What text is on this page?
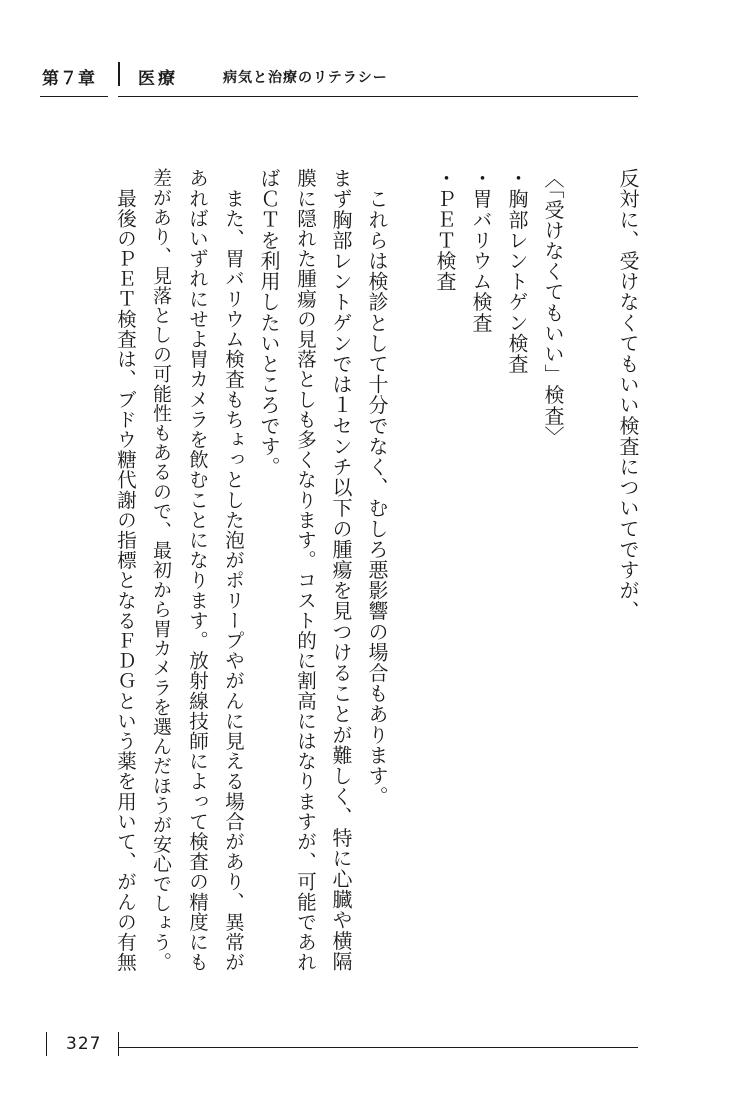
第７章 医療	病気と治療のリテラシー
反対に、受けなくてもいい検査についてですが、
〈「受けなくてもいい」検査〉
・胸部レントゲン検査
・胃バリウム検査
・ＰＥＴ検査
　これらは検診として十分でなく、むしろ悪影響の場合もあります。
まず胸部レントゲンでは１センチ以下の腫瘍を見つけることが難しく、特に心臓や横隔
膜に隠れた腫瘍の見落としも多くなります。コスト的に割高にはなりますが、可能であれ
ばＣＴを利用したいところです。
　また、胃バリウム検査もちょっとした泡がポリープやがんに見える場合があり、異常が
あればいずれにせよ胃カメラを飲むことになります。放射線技師によって検査の精度にも
差があり、見落としの可能性もあるので、最初から胃カメラを選んだほうが安心でしょう。
　最後のＰＥＴ検査は、ブドウ糖代謝の指標となるＦＤＧという薬を用いて、がんの有無
327
